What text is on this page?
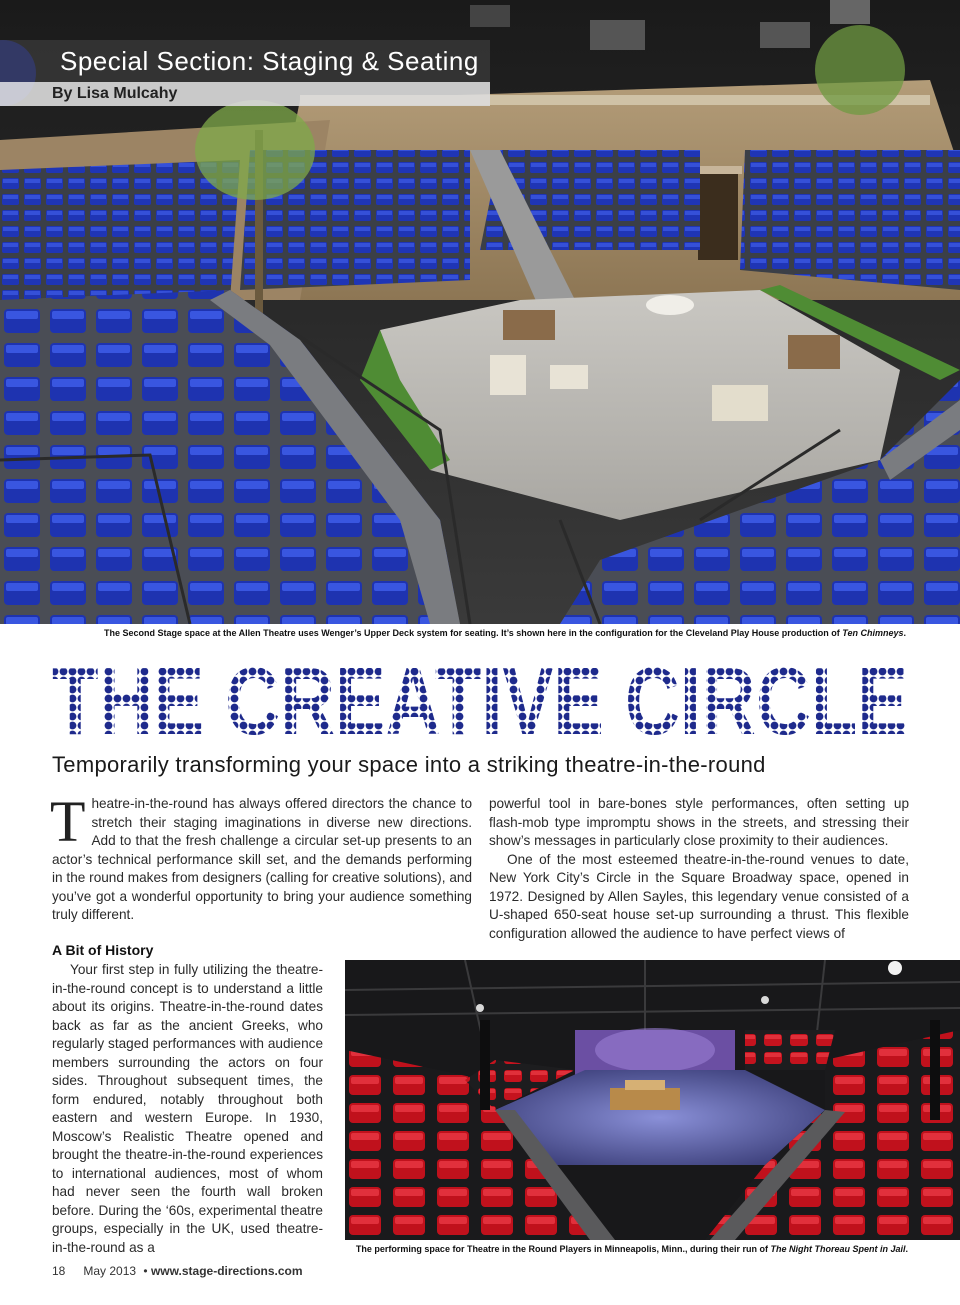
Special Section: Staging & Seating
By Lisa Mulcahy
The Second Stage space at the Allen Theatre uses Wenger’s Upper Deck system for seating. It’s shown here in the configuration for the Cleveland Play House production of Ten Chimneys.
THE CREATIVE CIRCLE
Temporarily transforming your space into a striking theatre-in-the-round
Theatre-in-the-round has always offered directors the chance to stretch their staging imaginations in diverse new directions. Add to that the fresh challenge a circular set-up presents to an actor’s technical performance skill set, and the demands performing in the round makes from designers (calling for creative solutions), and you’ve got a wonderful opportunity to bring your audience something truly different.

powerful tool in bare-bones style performances, often setting up flash-mob type impromptu shows in the streets, and stressing their show’s messages in particularly close proximity to their audiences.

One of the most esteemed theatre-in-the-round venues to date, New York City’s Circle in the Square Broadway space, opened in 1972. Designed by Allen Sayles, this legendary venue consisted of a U-shaped 650-seat house set-up surrounding a thrust. This flexible configuration allowed the audience to have perfect views of

A Bit of History

Your first step in fully utilizing the theatre-in-the-round concept is to understand a little about its origins. Theatre-in-the-round dates back as far as the ancient Greeks, who regularly staged performances with audience members surrounding the actors on four sides. Throughout subsequent times, the form endured, notably throughout both eastern and western Europe. In 1930, Moscow’s Realistic Theatre opened and brought the theatre-in-the-round experiences to international audiences, most of whom had never seen the fourth wall broken before. During the ‘60s, experimental theatre groups, especially in the UK, used theatre-in-the-round as a	The performing space for Theatre in the Round Players in Minneapolis, Minn., during their run of The Night Thoreau Spent in Jail.
18 May 2013 • www.stage-directions.com
